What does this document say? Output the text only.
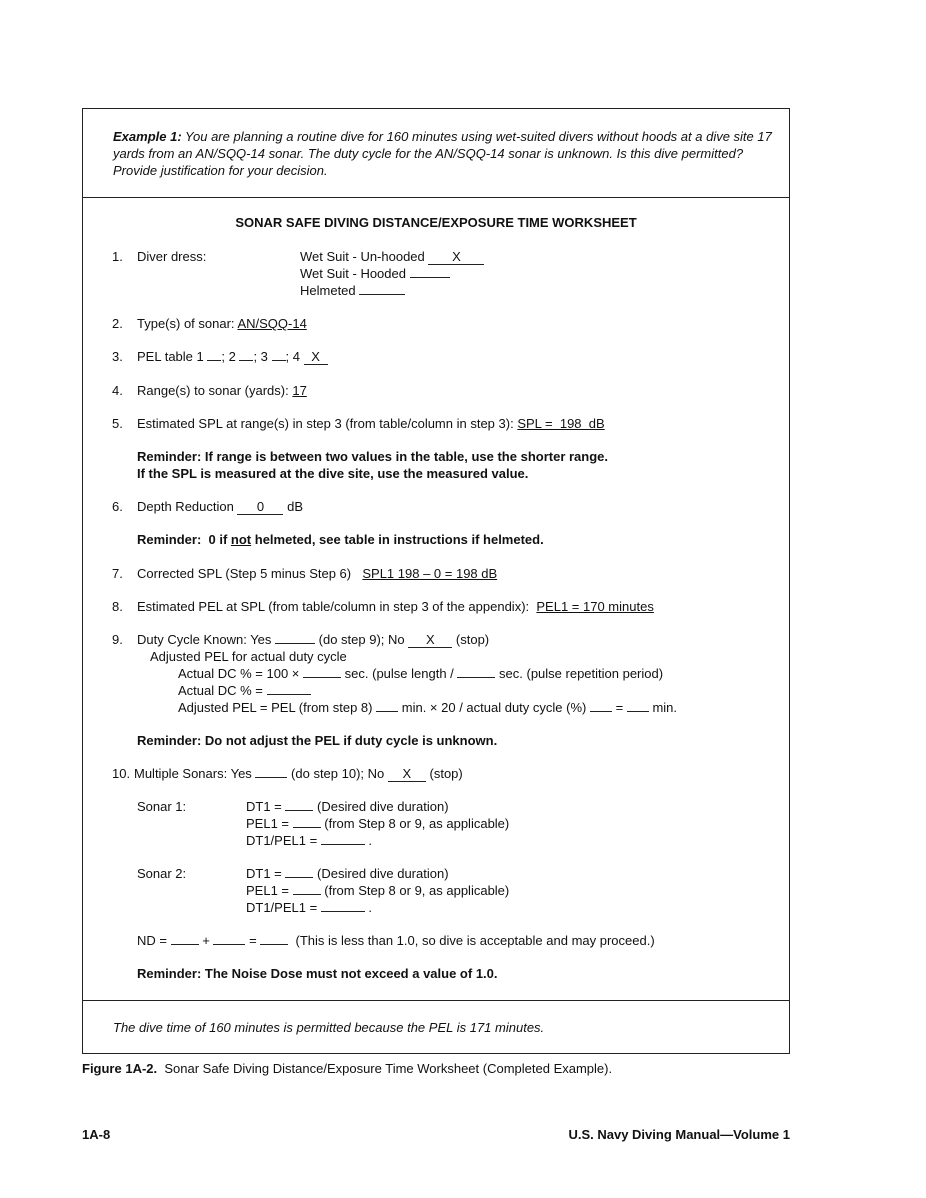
Example 1: You are planning a routine dive for 160 minutes using wet-suited divers without hoods at a dive site 17 yards from an AN/SQQ-14 sonar. The duty cycle for the AN/SQQ-14 sonar is unknown. Is this dive permitted? Provide justification for your decision.
SONAR SAFE DIVING DISTANCE/EXPOSURE TIME WORKSHEET
1. Diver dress:	Wet Suit - Un-hooded X
Wet Suit - Hooded
Helmeted
2. Type(s) of sonar: AN/SQQ-14
3. PEL table 1 ; 2 ; 3 ; 4 X
4. Range(s) to sonar (yards): 17
5. Estimated SPL at range(s) in step 3 (from table/column in step 3): SPL =  198  dB
Reminder: If range is between two values in the table, use the shorter range.
If the SPL is measured at the dive site, use the measured value.
6. Depth Reduction 0 dB
Reminder:  0 if not helmeted, see table in instructions if helmeted.
7. Corrected SPL (Step 5 minus Step 6) SPL1 198 – 0 = 198 dB
8. Estimated PEL at SPL (from table/column in step 3 of the appendix): PEL1 = 170 minutes
9. Duty Cycle Known: Yes	(do step 9); No X (stop)
Adjusted PEL for actual duty cycle
Actual DC % = 100 ×	sec. (pulse length /	sec. (pulse repetition period)
Actual DC % =
Adjusted PEL = PEL (from step 8) min. × 20 / actual duty cycle (%) = min.
Reminder: Do not adjust the PEL if duty cycle is unknown.
10. Multiple Sonars: Yes	(do step 10); No X (stop)
Sonar 1:	DT1 =	(Desired dive duration)
PEL1 =	(from Step 8 or 9, as applicable)
DT1/PEL1 =	.
Sonar 2:	DT1 =	(Desired dive duration)
PEL1 =	(from Step 8 or 9, as applicable)
DT1/PEL1 =	.
ND =	+	=	(This is less than 1.0, so dive is acceptable and may proceed.)
Reminder: The Noise Dose must not exceed a value of 1.0.
The dive time of 160 minutes is permitted because the PEL is 171 minutes.
Figure 1A-2. Sonar Safe Diving Distance/Exposure Time Worksheet (Completed Example).
1A-8	U.S. Navy Diving Manual—Volume 1
